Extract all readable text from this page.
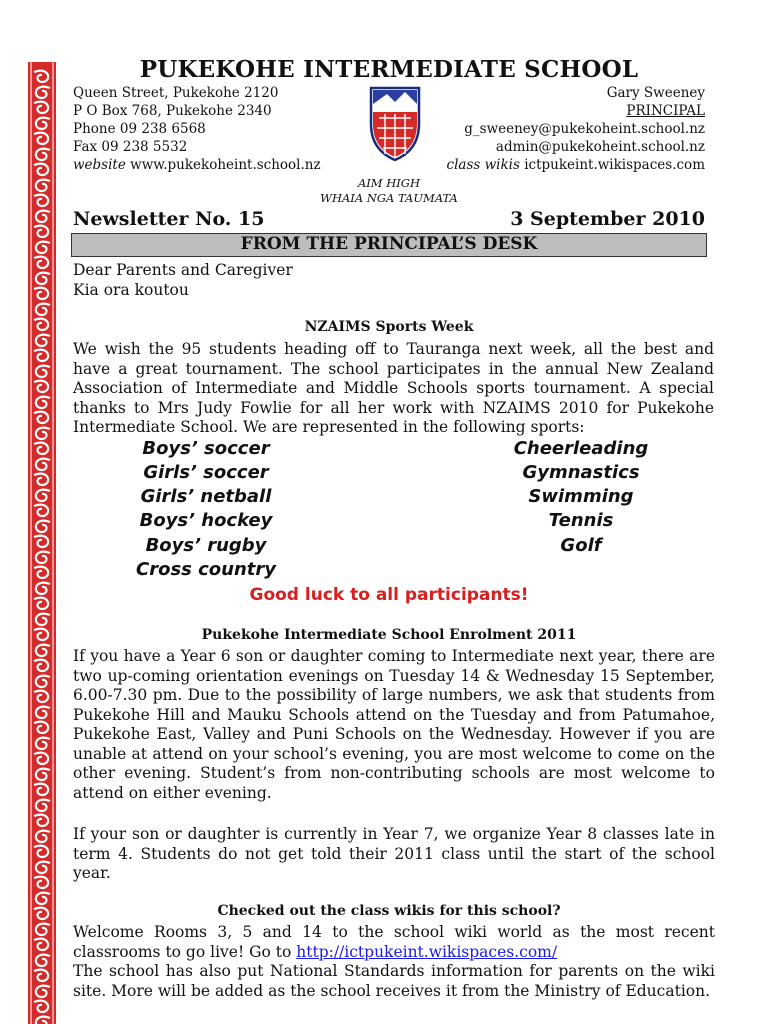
PUKEKOHE INTERMEDIATE SCHOOL
Queen Street, Pukekohe 2120
P O Box 768, Pukekohe 2340
Phone 09 238 6568
Fax 09 238 5532
website www.pukekoheint.school.nz
Gary Sweeney
PRINCIPAL
g_sweeney@pukekoheint.school.nz
admin@pukekoheint.school.nz
class wikis ictpukeint.wikispaces.com
AIM HIGH
WHAIA NGA TAUMATA
Newsletter No. 15	3 September 2010
FROM THE PRINCIPAL’S DESK
Dear Parents and Caregiver
Kia ora koutou
NZAIMS Sports Week
We wish the 95 students heading off to Tauranga next week, all the best and have a great tournament. The school participates in the annual New Zealand Association of Intermediate and Middle Schools sports tournament. A special thanks to Mrs Judy Fowlie for all her work with NZAIMS 2010 for Pukekohe Intermediate School. We are represented in the following sports:
Boys’ soccer
Girls’ soccer
Girls’ netball
Boys’ hockey
Boys’ rugby
Cross country
Cheerleading
Gymnastics
Swimming
Tennis
Golf
Good luck to all participants!
Pukekohe Intermediate School Enrolment 2011
If you have a Year 6 son or daughter coming to Intermediate next year, there are two up-coming orientation evenings on Tuesday 14 & Wednesday 15 September, 6.00-7.30 pm. Due to the possibility of large numbers, we ask that students from Pukekohe Hill and Mauku Schools attend on the Tuesday and from Patumahoe, Pukekohe East, Valley and Puni Schools on the Wednesday. However if you are unable at attend on your school’s evening, you are most welcome to come on the other evening. Student’s from non-contributing schools are most welcome to attend on either evening.
If your son or daughter is currently in Year 7, we organize Year 8 classes late in term 4. Students do not get told their 2011 class until the start of the school year.
Checked out the class wikis for this school?
Welcome Rooms 3, 5 and 14 to the school wiki world as the most recent classrooms to go live! Go to http://ictpukeint.wikispaces.com/
The school has also put National Standards information for parents on the wiki site. More will be added as the school receives it from the Ministry of Education.
